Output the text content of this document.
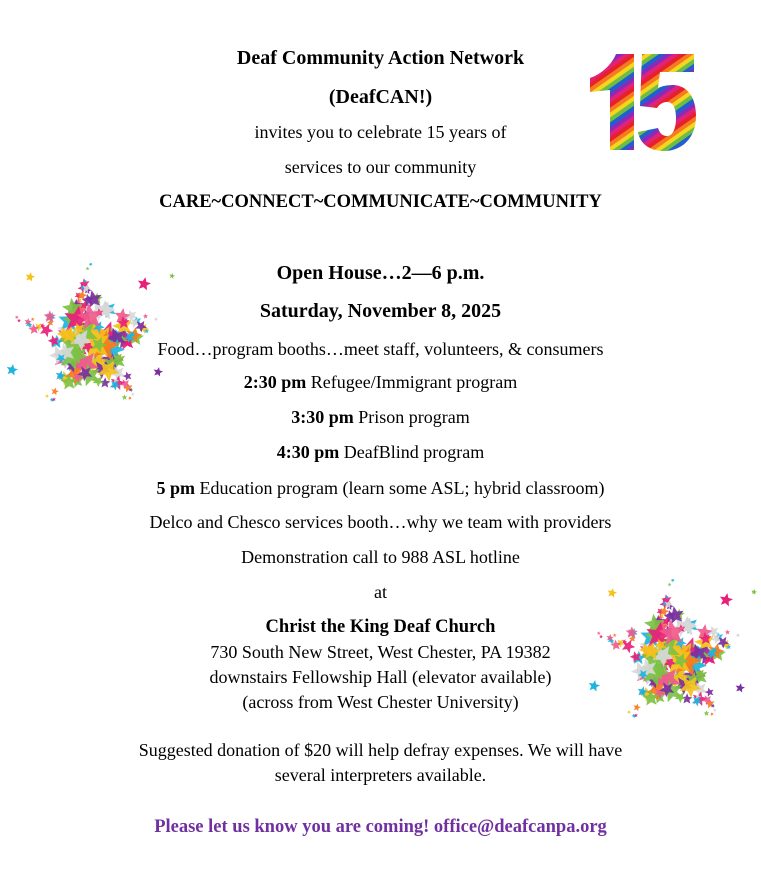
Deaf Community Action Network
(DeafCAN!)
invites you to celebrate 15 years of
services to our community
CARE~CONNECT~COMMUNICATE~COMMUNITY
Open House…2—6 p.m.
Saturday, November 8, 2025
Food…program booths…meet staff, volunteers, & consumers
2:30 pm Refugee/Immigrant program
3:30 pm Prison program
4:30 pm DeafBlind program
5 pm Education program (learn some ASL; hybrid classroom)
Delco and Chesco services booth…why we team with providers
Demonstration call to 988 ASL hotline
at
Christ the King Deaf Church
730 South New Street, West Chester, PA 19382
downstairs Fellowship Hall (elevator available)
(across from West Chester University)
Suggested donation of $20 will help defray expenses. We will have
several interpreters available.
Please let us know you are coming! office@deafcanpa.org
